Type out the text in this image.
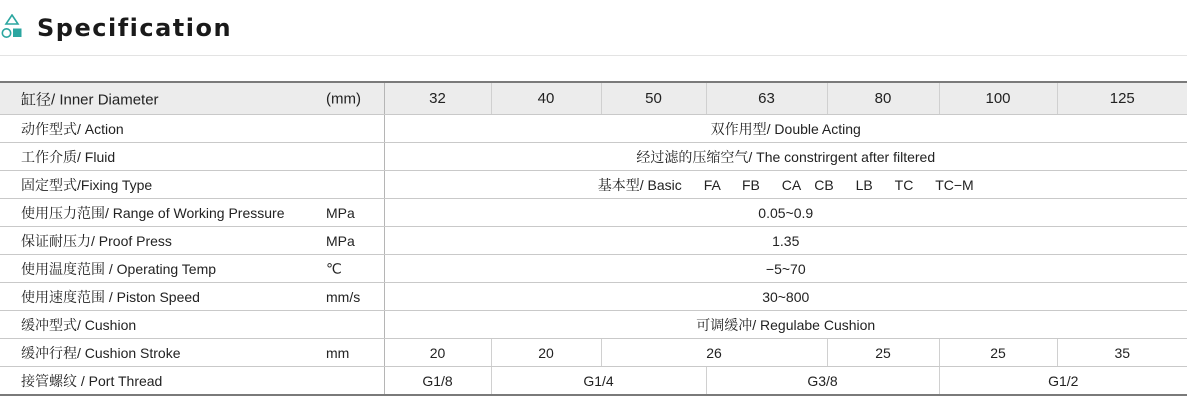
Specification
缸径/ Inner Diameter (mm)	32	40	50	63	80	100	125

动作型式/ Action	双作用型/ Double Acting						

工作介质/ Fluid	经过滤的压缩空气/ The constrirgent after filtered						

固定型式/Fixing Type	基本型/ Basic FA FB CA CB LB TC TC−M						

使用压力范围/ Range of Working Pressure MPa	0.05~0.9						

保证耐压力/ Proof Press MPa	1.35						

使用温度范围 / Operating Temp ℃	−5~70						

使用速度范围 / Piston Speed mm/s	30~800						

缓冲型式/ Cushion	可调缓冲/ Regulabe Cushion						

缓冲行程/ Cushion Stroke mm	20	20	26		25	25	35

接管螺纹 / Port Thread	G1/8	G1/4		G3/8		G1/2	
